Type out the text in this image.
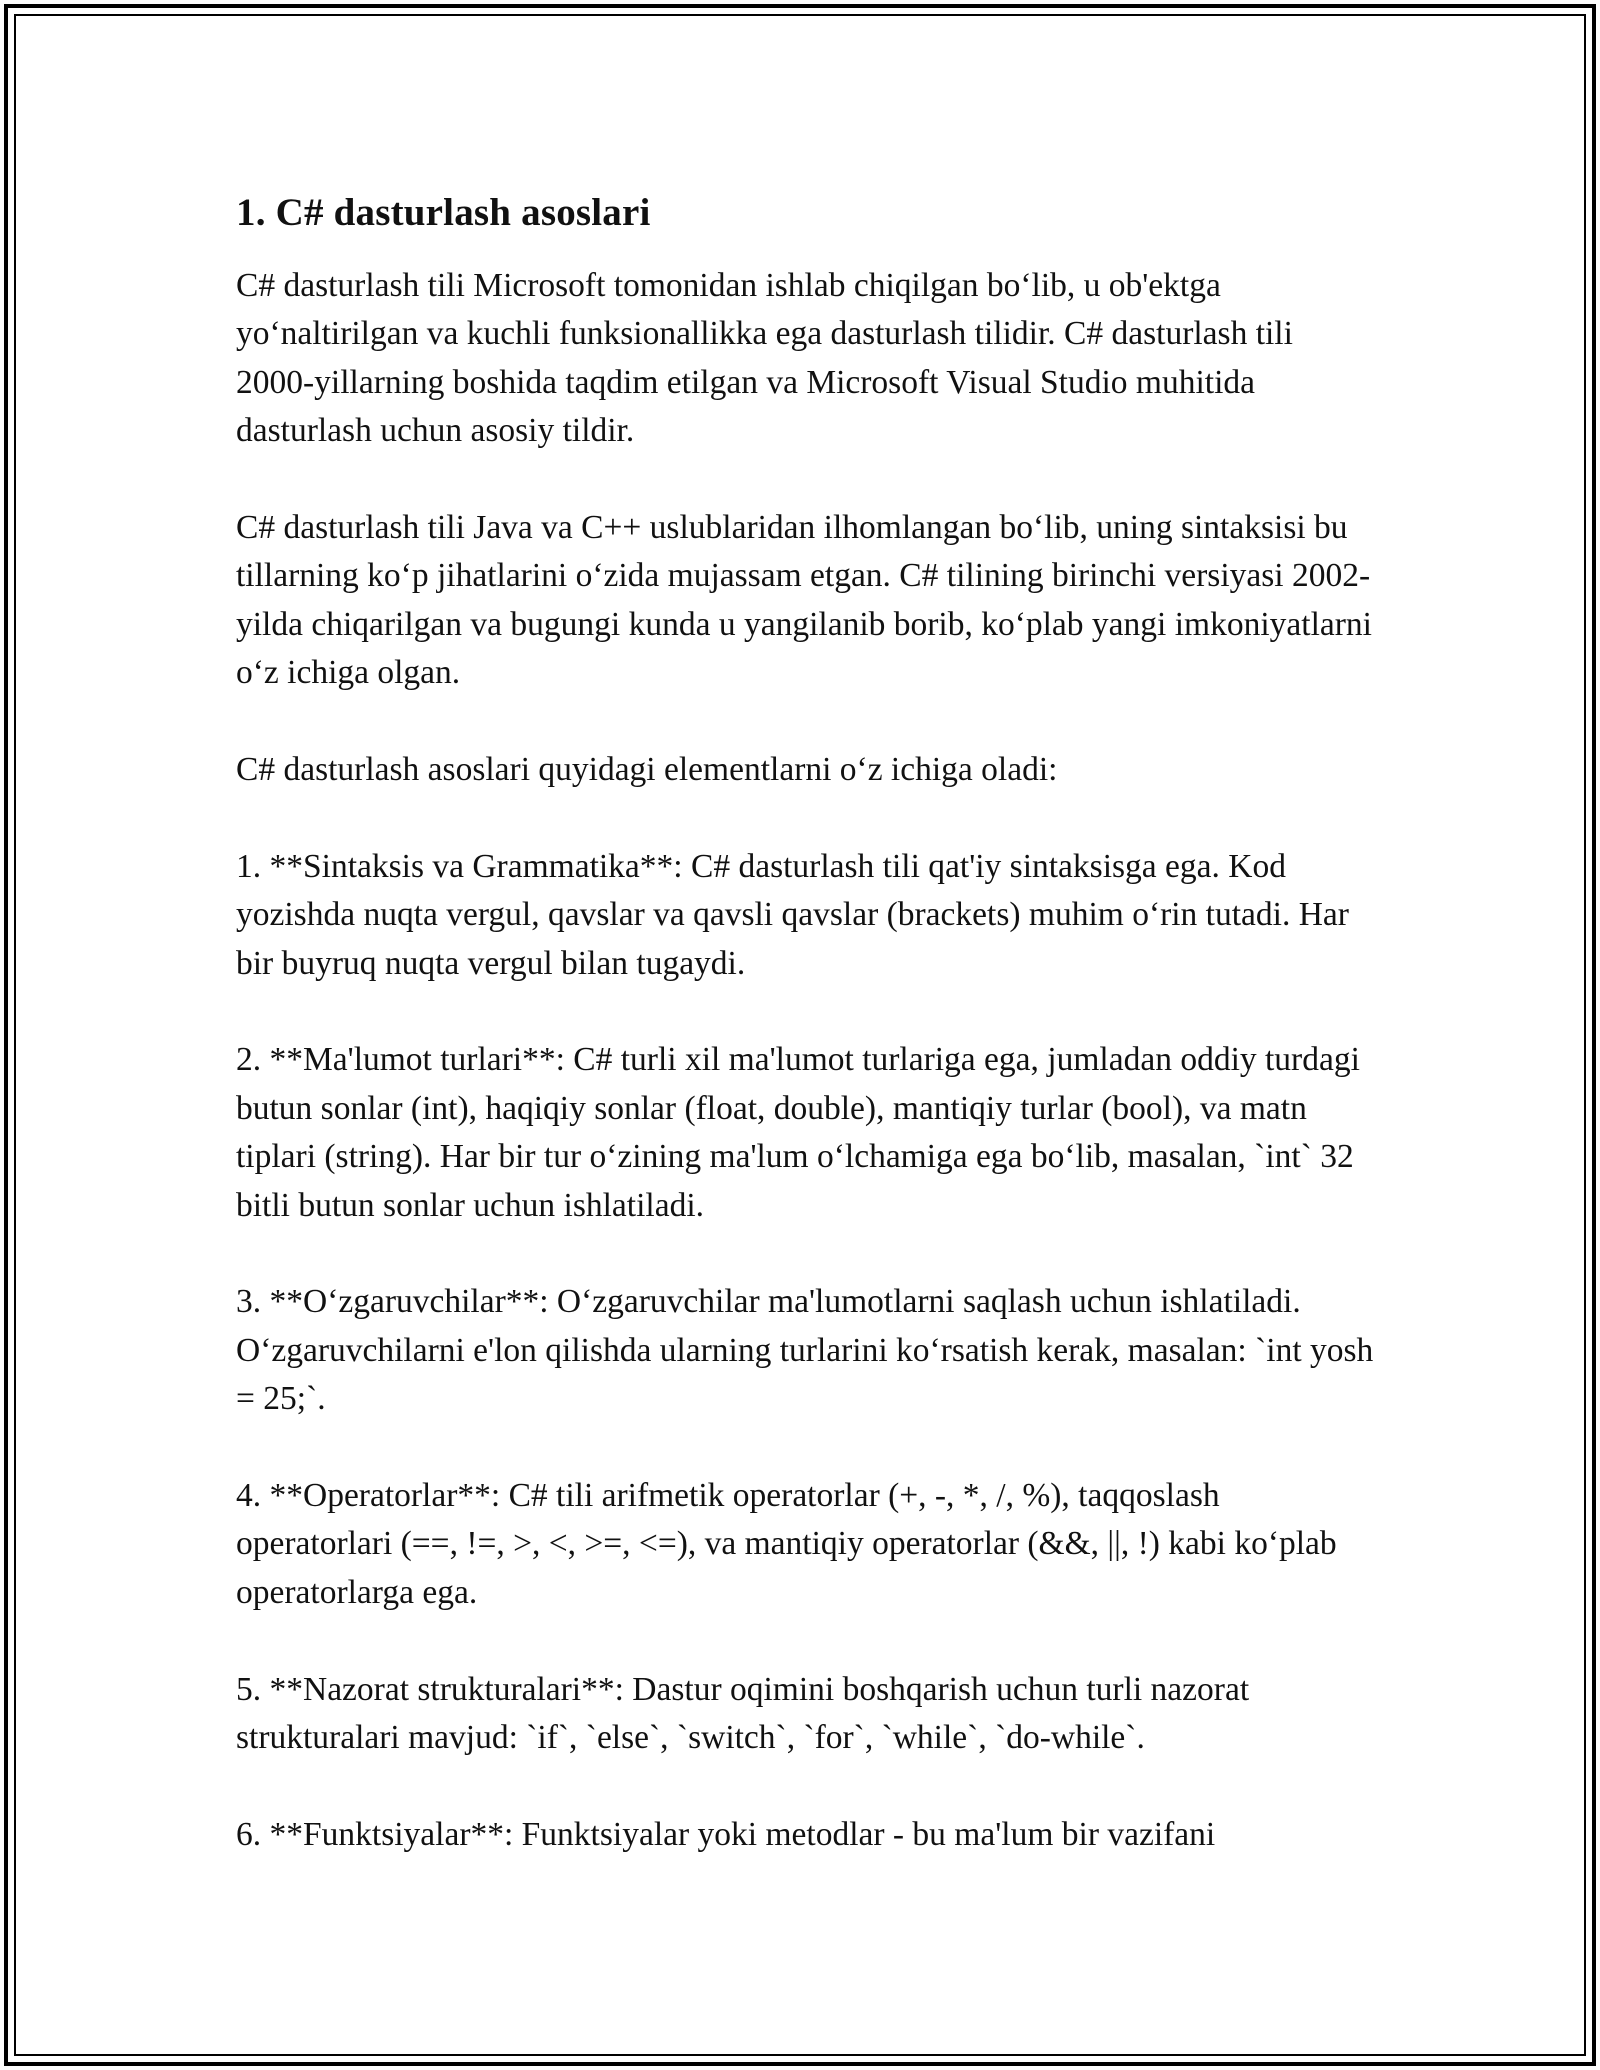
1. C# dasturlash asoslari

C# dasturlash tili Microsoft tomonidan ishlab chiqilgan bo‘lib, u ob'ektga yo‘naltirilgan va kuchli funksionallikka ega dasturlash tilidir. C# dasturlash tili 2000-yillarning boshida taqdim etilgan va Microsoft Visual Studio muhitida dasturlash uchun asosiy tildir.

C# dasturlash tili Java va C++ uslublaridan ilhomlangan bo‘lib, uning sintaksisi bu tillarning ko‘p jihatlarini o‘zida mujassam etgan. C# tilining birinchi versiyasi 2002-yilda chiqarilgan va bugungi kunda u yangilanib borib, ko‘plab yangi imkoniyatlarni o‘z ichiga olgan.

C# dasturlash asoslari quyidagi elementlarni o‘z ichiga oladi:

1. **Sintaksis va Grammatika**: C# dasturlash tili qat'iy sintaksisga ega. Kod yozishda nuqta vergul, qavslar va qavsli qavslar (brackets) muhim o‘rin tutadi. Har bir buyruq nuqta vergul bilan tugaydi.

2. **Ma'lumot turlari**: C# turli xil ma'lumot turlariga ega, jumladan oddiy turdagi butun sonlar (int), haqiqiy sonlar (float, double), mantiqiy turlar (bool), va matn tiplari (string). Har bir tur o‘zining ma'lum o‘lchamiga ega bo‘lib, masalan, `int` 32 bitli butun sonlar uchun ishlatiladi.

3. **O‘zgaruvchilar**: O‘zgaruvchilar ma'lumotlarni saqlash uchun ishlatiladi. O‘zgaruvchilarni e'lon qilishda ularning turlarini ko‘rsatish kerak, masalan: `int yosh = 25;`.

4. **Operatorlar**: C# tili arifmetik operatorlar (+, -, *, /, %), taqqoslash operatorlari (==, !=, >, <, >=, <=), va mantiqiy operatorlar (&&, ||, !) kabi ko‘plab operatorlarga ega.

5. **Nazorat strukturalari**: Dastur oqimini boshqarish uchun turli nazorat strukturalari mavjud: `if`, `else`, `switch`, `for`, `while`, `do-while`.

6. **Funktsiyalar**: Funktsiyalar yoki metodlar - bu ma'lum bir vazifani
